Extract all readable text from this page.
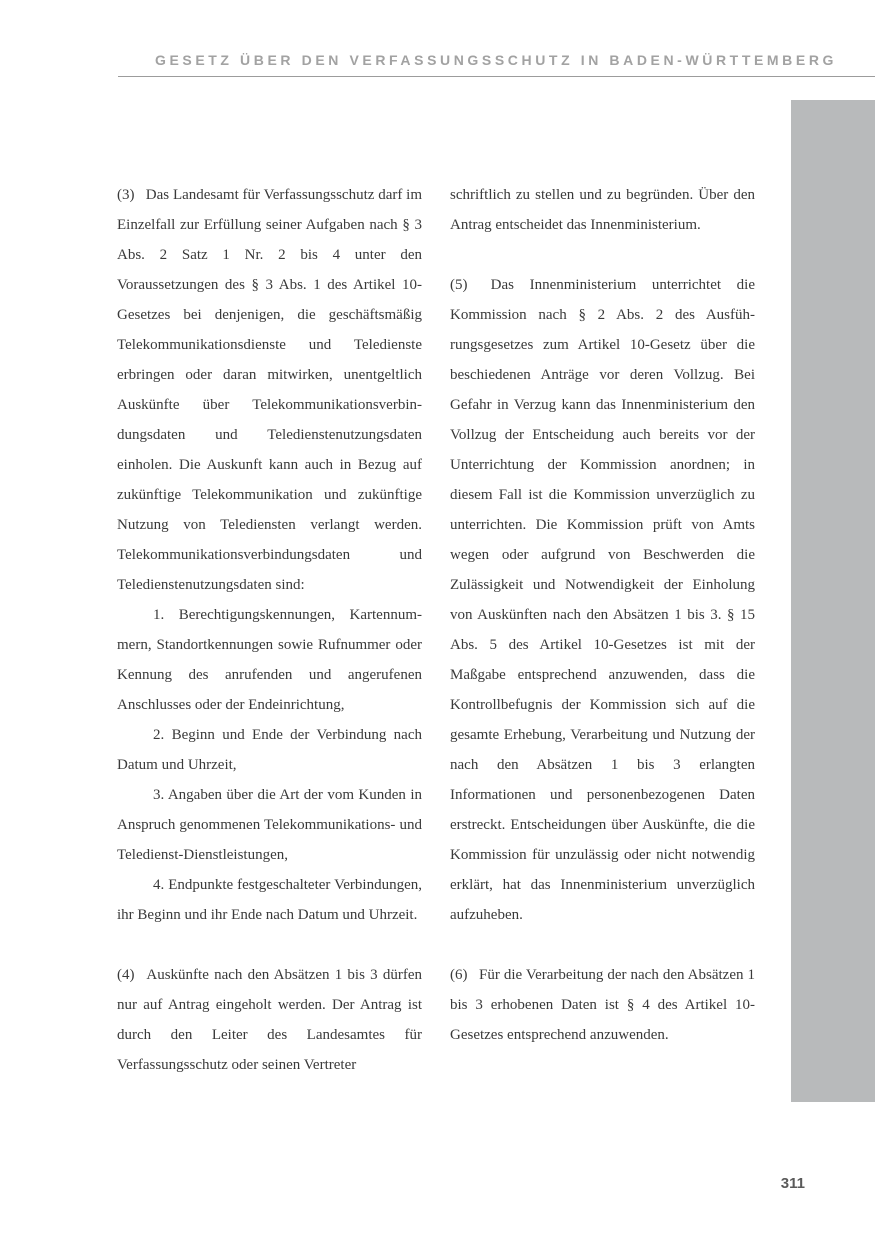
GESETZ ÜBER DEN VERFASSUNGSSCHUTZ IN BADEN-WÜRTTEMBERG

(3)  Das Landesamt für Verfassungsschutz darf im Einzelfall zur Erfüllung seiner Aufgaben nach § 3 Abs. 2 Satz 1 Nr. 2 bis 4 unter den Voraussetzungen des § 3 Abs. 1 des Artikel 10-Gesetzes bei denjenigen, die geschäftsmäßig Telekommunikationsdienste und Teledienste erbringen oder daran mitwirken, unentgeltlich Auskünfte über Telekommunikationsverbindungsdaten und Teledienstenutzungsdaten einholen. Die Auskunft kann auch in Bezug auf zukünftige Telekommunikation und zukünftige Nutzung von Telediensten verlangt werden. Telekommunikationsverbindungsdaten und Teledienstenutzungsdaten sind:

1. Berechtigungskennungen, Kartennummern, Standortkennungen sowie Rufnummer oder Kennung des anrufenden und angerufenen Anschlusses oder der Endeinrichtung,

2. Beginn und Ende der Verbindung nach Datum und Uhrzeit,

3. Angaben über die Art der vom Kunden in Anspruch genommenen Telekommunikations- und Teledienst-Dienstleistungen,

4. Endpunkte festgeschalteter Verbindungen, ihr Beginn und ihr Ende nach Datum und Uhrzeit.

(4)  Auskünfte nach den Absätzen 1 bis 3 dürfen nur auf Antrag eingeholt werden. Der Antrag ist durch den Leiter des Landesamtes für Verfassungsschutz oder seinen Vertreter

schriftlich zu stellen und zu begründen. Über den Antrag entscheidet das Innenministerium.

(5)  Das Innenministerium unterrichtet die Kommission nach § 2 Abs. 2 des Ausführungsgesetzes zum Artikel 10-Gesetz über die beschiedenen Anträge vor deren Vollzug. Bei Gefahr in Verzug kann das Innenministerium den Vollzug der Entscheidung auch bereits vor der Unterrichtung der Kommission anordnen; in diesem Fall ist die Kommission unverzüglich zu unterrichten. Die Kommission prüft von Amts wegen oder aufgrund von Beschwerden die Zulässigkeit und Notwendigkeit der Einholung von Auskünften nach den Absätzen 1 bis 3. § 15 Abs. 5 des Artikel 10-Gesetzes ist mit der Maßgabe entsprechend anzuwenden, dass die Kontrollbefugnis der Kommission sich auf die gesamte Erhebung, Verarbeitung und Nutzung der nach den Absätzen 1 bis 3 erlangten Informationen und personenbezogenen Daten erstreckt. Entscheidungen über Auskünfte, die die Kommission für unzulässig oder nicht notwendig erklärt, hat das Innenministerium unverzüglich aufzuheben.

(6)  Für die Verarbeitung der nach den Absätzen 1 bis 3 erhobenen Daten ist § 4 des Artikel 10-Gesetzes entsprechend anzuwenden.

311
